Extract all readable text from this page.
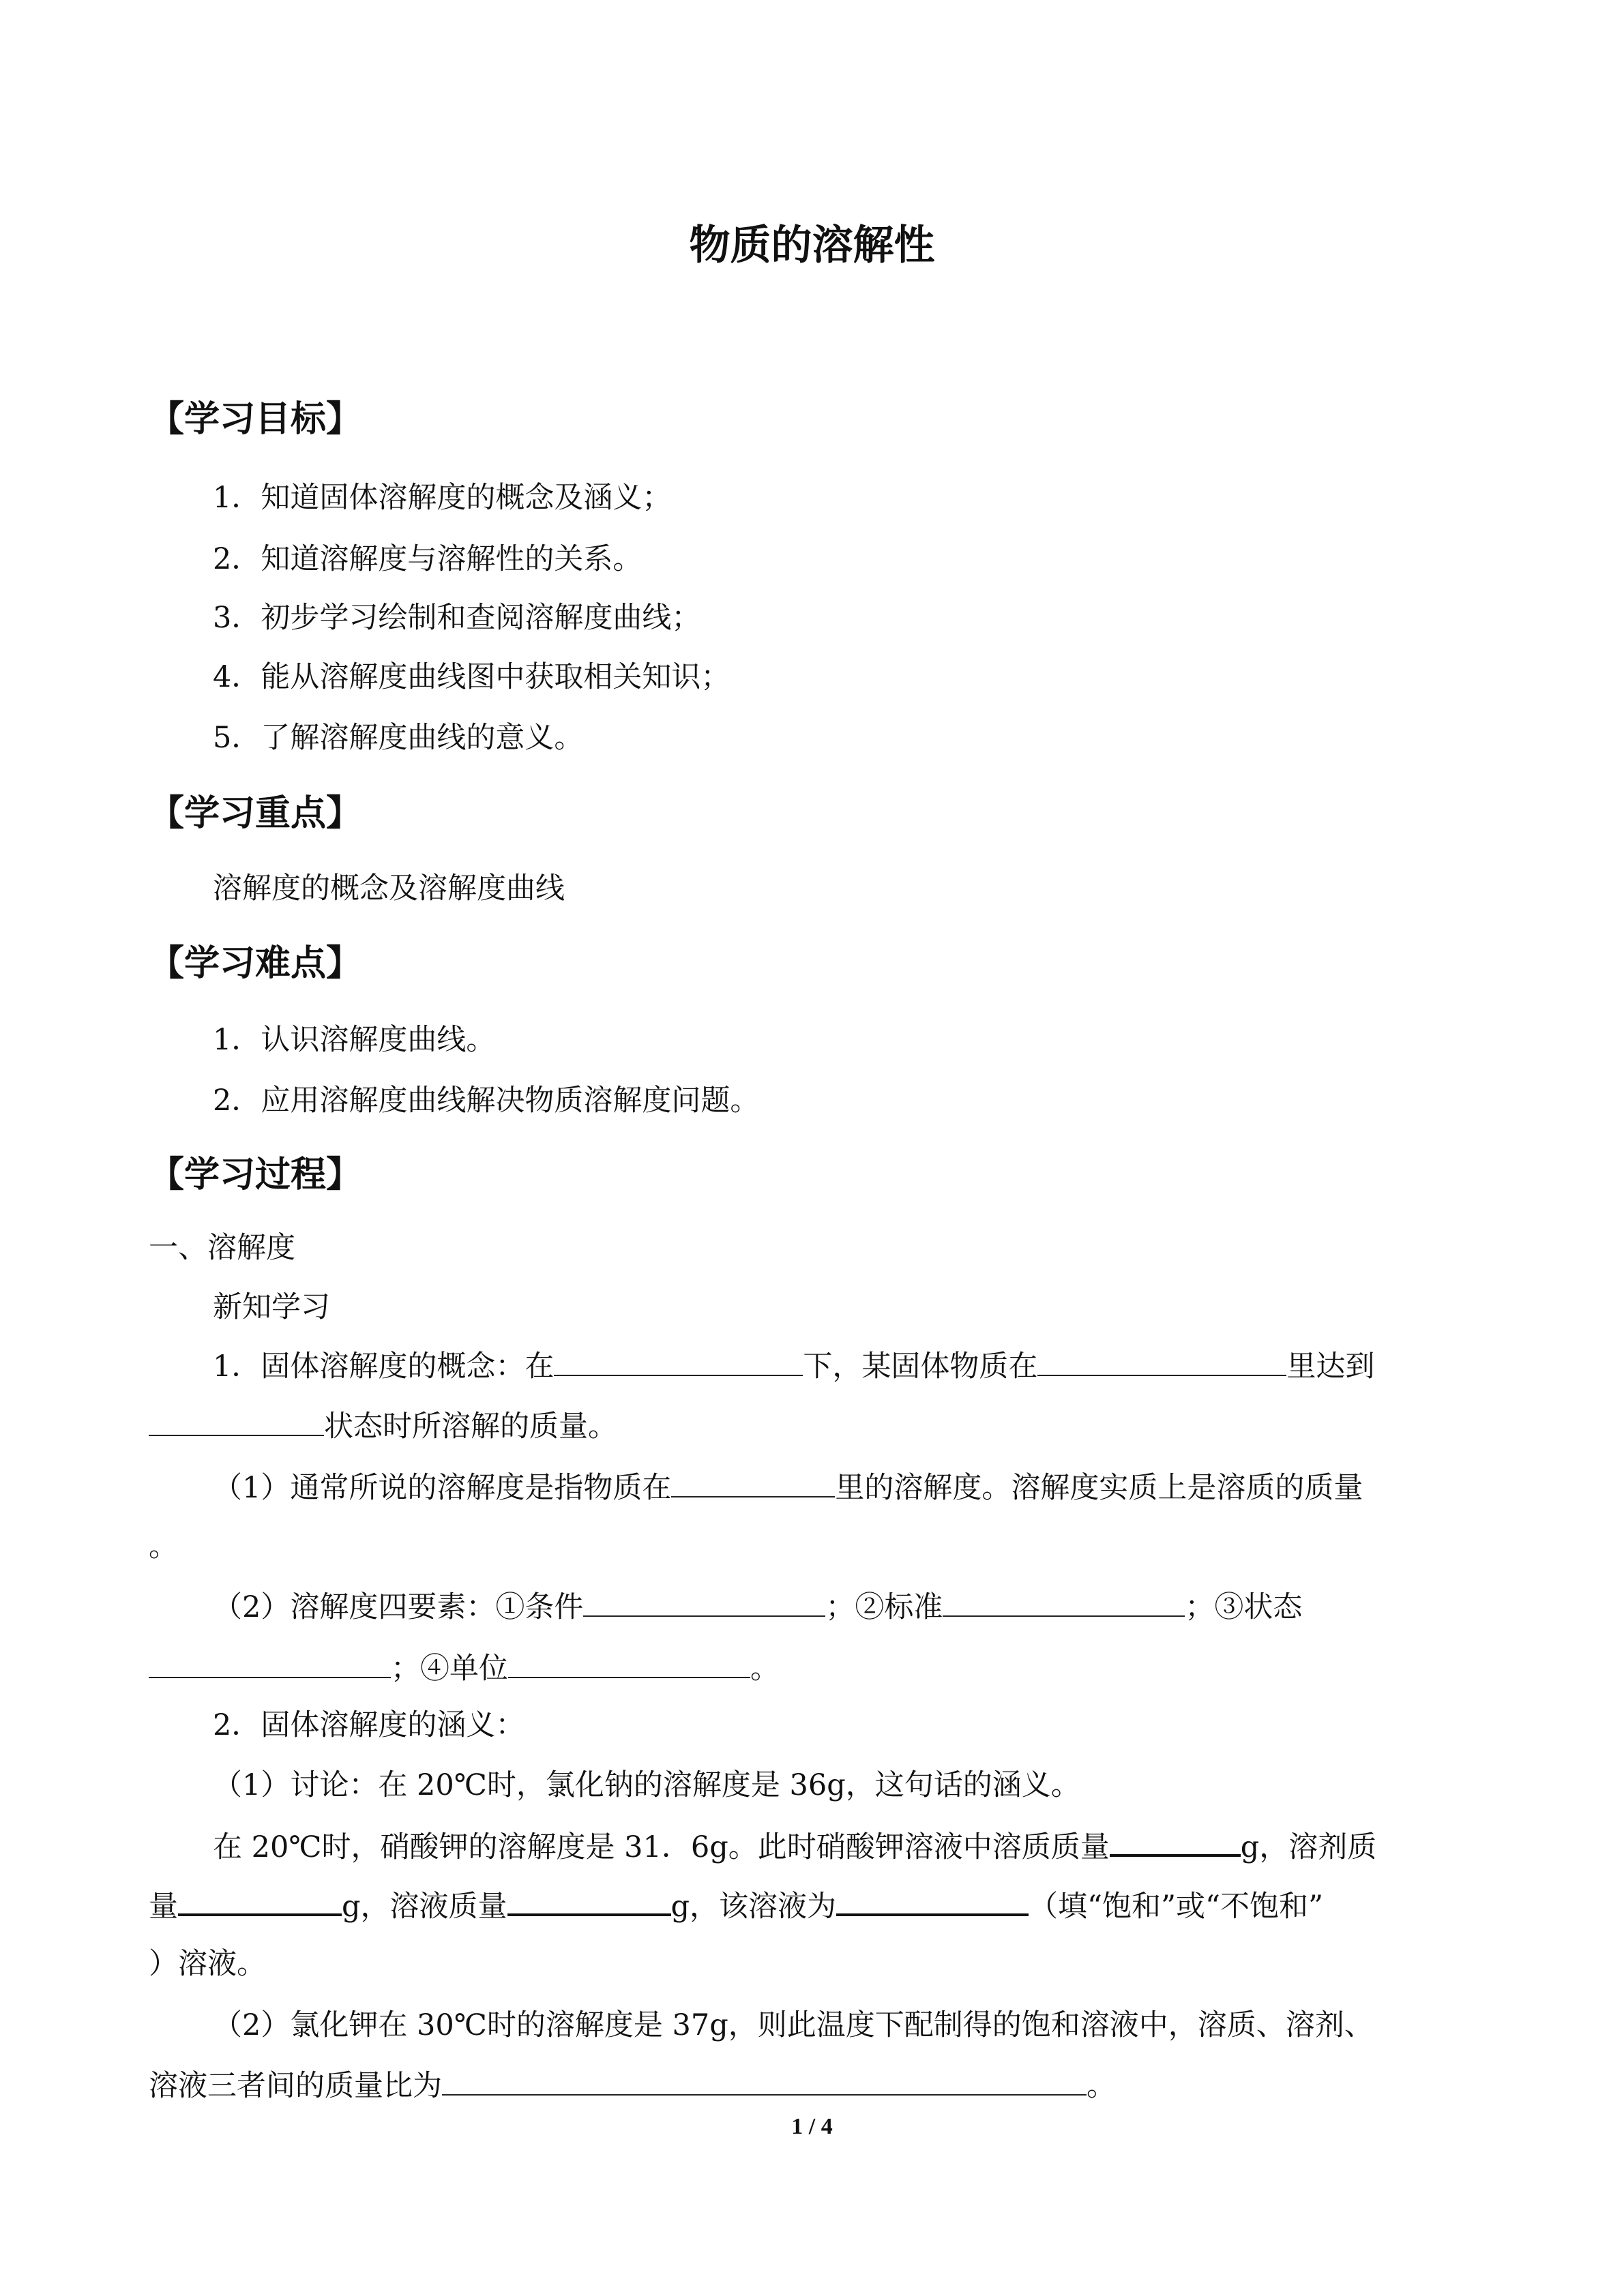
物质的溶解性
【学习目标】
1．知道固体溶解度的概念及涵义；
2．知道溶解度与溶解性的关系。
3．初步学习绘制和查阅溶解度曲线；
4．能从溶解度曲线图中获取相关知识；
5．了解溶解度曲线的意义。
【学习重点】
溶解度的概念及溶解度曲线
【学习难点】
1．认识溶解度曲线。
2．应用溶解度曲线解决物质溶解度问题。
【学习过程】
一、溶解度
新知学习
1．固体溶解度的概念：在	下，某固体物质在	里达到
状态时所溶解的质量。
（1）通常所说的溶解度是指物质在	里的溶解度。溶解度实质上是溶质的质量
。
（2）溶解度四要素：①条件	；②标准	；③状态
；④单位	。
2．固体溶解度的涵义：
（1）讨论：在 20℃时，氯化钠的溶解度是 36g，这句话的涵义。
在 20℃时，硝酸钾的溶解度是 31．6g。此时硝酸钾溶液中溶质质量	g，溶剂质
量	g，溶液质量	g，该溶液为	（填“饱和”或“不饱和”
）溶液。
（2）氯化钾在 30℃时的溶解度是 37g，则此温度下配制得的饱和溶液中，溶质、溶剂、
溶液三者间的质量比为	。
1 / 4
